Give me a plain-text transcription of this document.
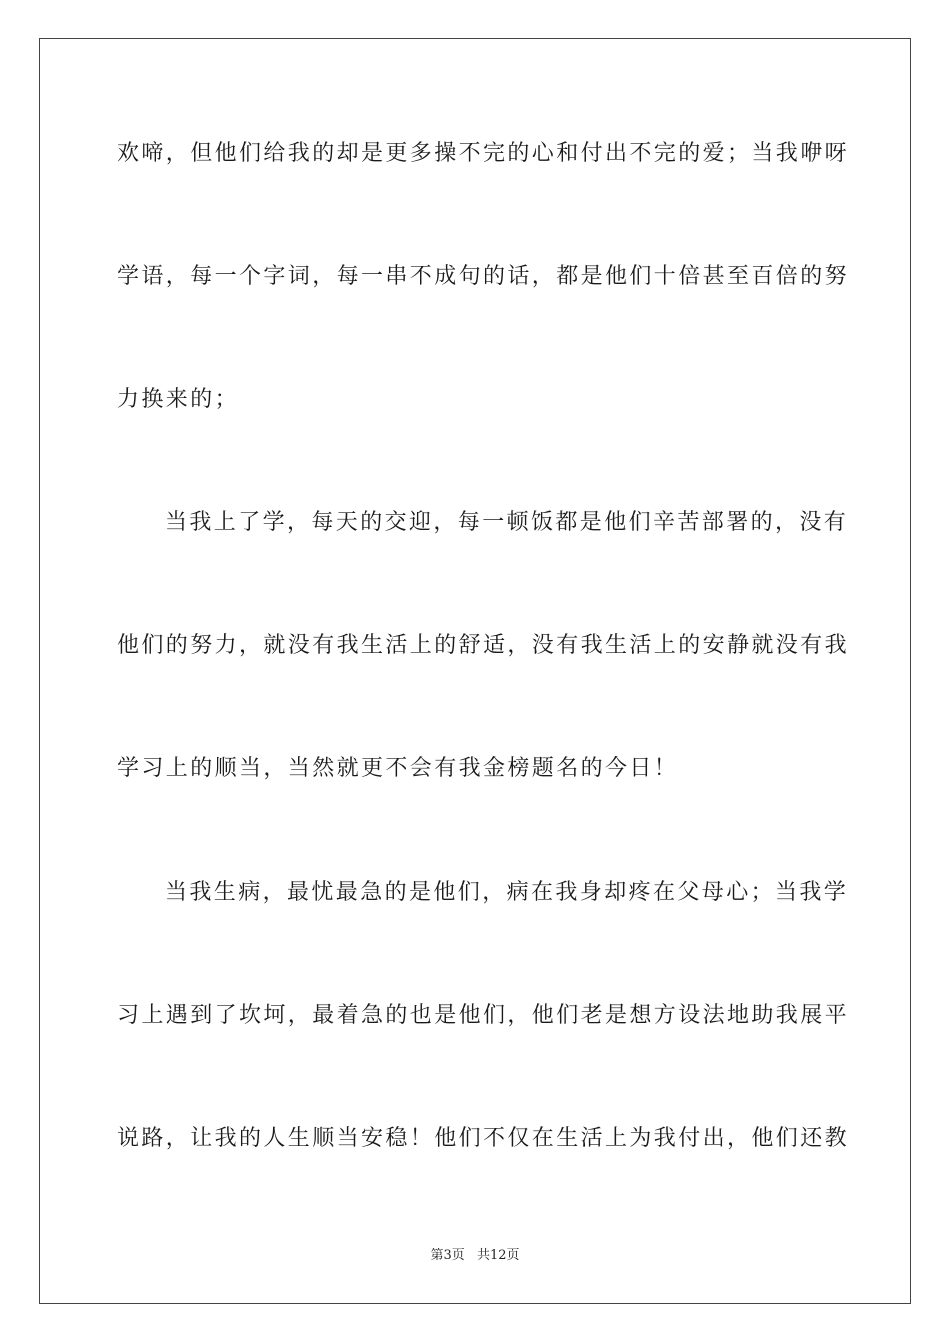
欢啼，但他们给我的却是更多操不完的心和付出不完的爱；当我咿呀
学语，每一个字词，每一串不成句的话，都是他们十倍甚至百倍的努
力换来的；
当我上了学，每天的交迎，每一顿饭都是他们辛苦部署的，没有
他们的努力，就没有我生活上的舒适，没有我生活上的安静就没有我
学习上的顺当，当然就更不会有我金榜题名的今日！
当我生病，最忧最急的是他们，病在我身却疼在父母心；当我学
习上遇到了坎坷，最着急的也是他们，他们老是想方设法地助我展平
说路，让我的人生顺当安稳！他们不仅在生活上为我付出，他们还教
第3页 共12页
